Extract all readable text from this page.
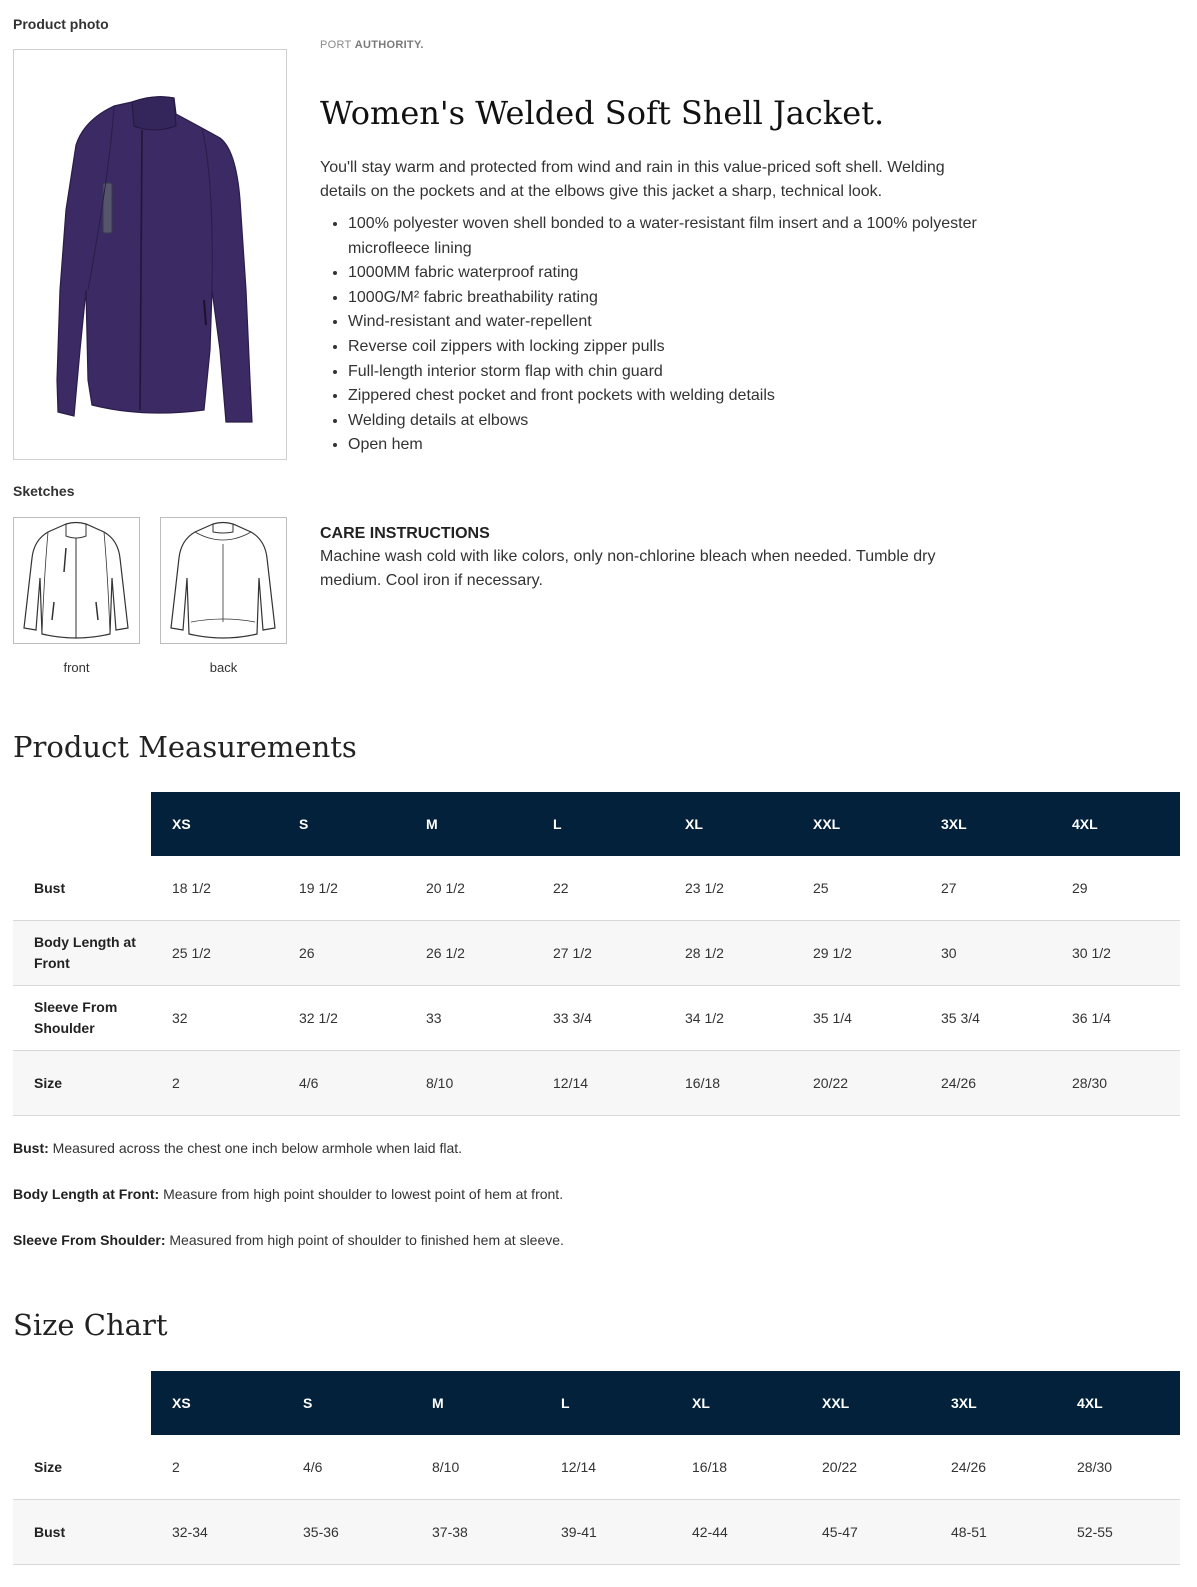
Product photo
Sketches
front	back
PORT AUTHORITY.
Women's Welded Soft Shell Jacket.
You'll stay warm and protected from wind and rain in this value-priced soft shell. Welding details on the pockets and at the elbows give this jacket a sharp, technical look.
• 100% polyester woven shell bonded to a water-resistant film insert and a 100% polyester microfleece lining
• 1000MM fabric waterproof rating
• 1000G/M² fabric breathability rating
• Wind-resistant and water-repellent
• Reverse coil zippers with locking zipper pulls
• Full-length interior storm flap with chin guard
• Zippered chest pocket and front pockets with welding details
• Welding details at elbows
• Open hem
CARE INSTRUCTIONS
Machine wash cold with like colors, only non-chlorine bleach when needed. Tumble dry medium. Cool iron if necessary.
Product Measurements
	XS	S	M	L	XL	XXL	3XL	4XL
Bust	18 1/2	19 1/2	20 1/2	22	23 1/2	25	27	29
Body Length at Front	25 1/2	26	26 1/2	27 1/2	28 1/2	29 1/2	30	30 1/2
Sleeve From Shoulder	32	32 1/2	33	33 3/4	34 1/2	35 1/4	35 3/4	36 1/4
Size	2	4/6	8/10	12/14	16/18	20/22	24/26	28/30
Bust: Measured across the chest one inch below armhole when laid flat.
Body Length at Front: Measure from high point shoulder to lowest point of hem at front.
Sleeve From Shoulder: Measured from high point of shoulder to finished hem at sleeve.
Size Chart
	XS	S	M	L	XL	XXL	3XL	4XL
Size	2	4/6	8/10	12/14	16/18	20/22	24/26	28/30
Bust	32-34	35-36	37-38	39-41	42-44	45-47	48-51	52-55
